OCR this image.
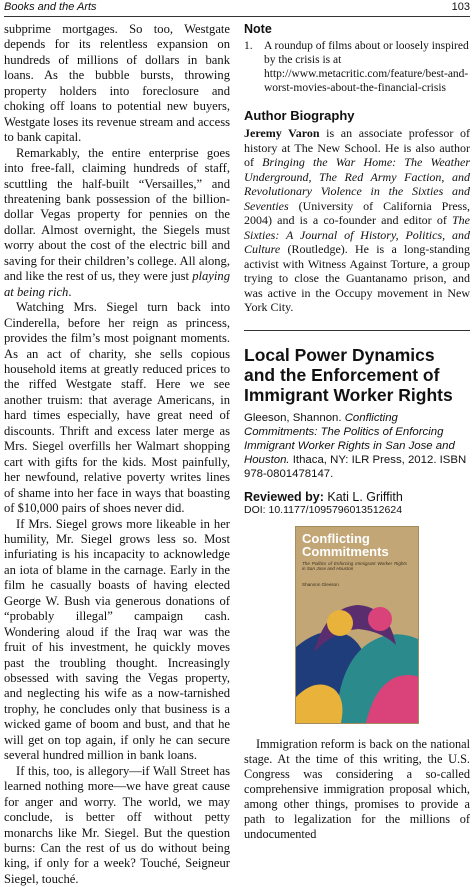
Books and the Arts	103

subprime mortgages. So too, Westgate depends for its relentless expansion on hundreds of millions of dollars in bank loans. As the bubble bursts, throwing property holders into foreclosure and choking off loans to potential new buyers, Westgate loses its revenue stream and access to bank capital.

Remarkably, the entire enterprise goes into free-fall, claiming hundreds of staff, scuttling the half-built “Versailles,” and threatening bank possession of the billion-dollar Vegas property for pennies on the dollar. Almost overnight, the Siegels must worry about the cost of the electric bill and saving for their children’s college. All along, and like the rest of us, they were just playing at being rich.

Watching Mrs. Siegel turn back into Cinderella, before her reign as princess, provides the film’s most poignant moments. As an act of charity, she sells copious household items at greatly reduced prices to the riffed Westgate staff. Here we see another truism: that average Americans, in hard times especially, have great need of discounts. Thrift and excess later merge as Mrs. Siegel overfills her Walmart shopping cart with gifts for the kids. Most painfully, her newfound, relative poverty writes lines of shame into her face in ways that boasting of $10,000 pairs of shoes never did.

If Mrs. Siegel grows more likeable in her humility, Mr. Siegel grows less so. Most infuriating is his incapacity to acknowledge an iota of blame in the carnage. Early in the film he casually boasts of having elected George W. Bush via generous donations of “probably illegal” campaign cash. Wondering aloud if the Iraq war was the fruit of his investment, he quickly moves past the troubling thought. Increasingly obsessed with saving the Vegas property, and neglecting his wife as a now-tarnished trophy, he concludes only that business is a wicked game of boom and bust, and that he will get on top again, if only he can secure several hundred million in bank loans.

If this, too, is allegory—if Wall Street has learned nothing more—we have great cause for anger and worry. The world, we may conclude, is better off without petty monarchs like Mr. Siegel. But the question burns: Can the rest of us do without being king, if only for a week? Touché, Seigneur Siegel, touché.

Note
1. A roundup of films about or loosely inspired by the crisis is at http://www.metacritic.com/feature/best-and-worst-movies-about-the-financial-crisis
Author Biography

Jeremy Varon is an associate professor of history at The New School. He is also author of Bringing the War Home: The Weather Underground, The Red Army Faction, and Revolutionary Violence in the Sixties and Seventies (University of California Press, 2004) and is a co-founder and editor of The Sixties: A Journal of History, Politics, and Culture (Routledge). He is a long-standing activist with Witness Against Torture, a group trying to close the Guantanamo prison, and was active in the Occupy movement in New York City.

Local Power Dynamics and the Enforcement of Immigrant Worker Rights
Gleeson, Shannon. Conflicting Commitments: The Politics of Enforcing Immigrant Worker Rights in San Jose and Houston. Ithaca, NY: ILR Press, 2012. ISBN 978-0801478147.
Reviewed by: Kati L. Griffith
DOI: 10.1177/1095796013512624
Conflicting
Commitments
The Politics of Enforcing Immigrant Worker Rights in San Jose and Houston
Shannon Gleeson

Immigration reform is back on the national stage. At the time of this writing, the U.S. Congress was considering a so-called comprehensive immigration proposal which, among other things, promises to provide a path to legalization for the millions of undocumented
